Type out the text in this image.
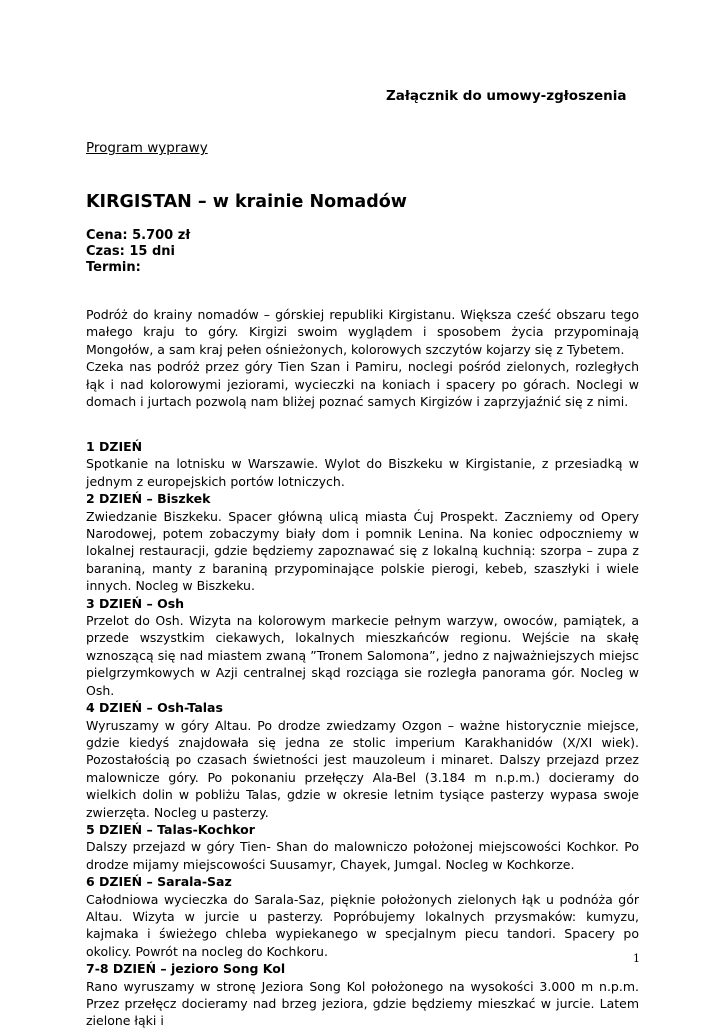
Załącznik do umowy-zgłoszenia
Program wyprawy
KIRGISTAN – w krainie Nomadów
Cena: 5.700 zł
Czas: 15 dni
Termin:

Podróż do krainy nomadów – górskiej republiki Kirgistanu. Większa cześć obszaru tego małego kraju to góry. Kirgizi swoim wyglądem i sposobem życia przypominają Mongołów, a sam kraj pełen ośnieżonych, kolorowych szczytów kojarzy się z Tybetem.

Czeka nas podróż przez góry Tien Szan i Pamiru, noclegi pośród zielonych, rozległych łąk i nad kolorowymi jeziorami, wycieczki na koniach i spacery po górach. Noclegi w domach i jurtach pozwolą nam bliżej poznać samych Kirgizów i zaprzyjaźnić się z nimi.

1 DZIEŃ

Spotkanie na lotnisku w Warszawie. Wylot do Biszkeku w Kirgistanie, z przesiadką w jednym z europejskich portów lotniczych.

2 DZIEŃ – Biszkek

Zwiedzanie Biszkeku. Spacer główną ulicą miasta Ćuj Prospekt. Zaczniemy od Opery Narodowej, potem zobaczymy biały dom i pomnik Lenina. Na koniec odpoczniemy w lokalnej restauracji, gdzie będziemy zapoznawać się z lokalną kuchnią: szorpa – zupa z baraniną, manty z baraniną przypominające polskie pierogi, kebeb, szaszłyki i wiele innych. Nocleg w Biszkeku.

3 DZIEŃ – Osh

Przelot do Osh. Wizyta na kolorowym markecie pełnym warzyw, owoców, pamiątek, a przede wszystkim ciekawych, lokalnych mieszkańców regionu. Wejście na skałę wznoszącą się nad miastem zwaną ”Tronem Salomona”, jedno z najważniejszych miejsc pielgrzymkowych w Azji centralnej skąd rozciąga sie rozległa panorama gór. Nocleg w Osh.

4 DZIEŃ – Osh-Talas

Wyruszamy w góry Altau. Po drodze zwiedzamy Ozgon – ważne historycznie miejsce, gdzie kiedyś znajdowała się jedna ze stolic imperium Karakhanidów (X/XI wiek). Pozostałością po czasach świetności jest mauzoleum i minaret. Dalszy przejazd przez malownicze góry. Po pokonaniu przełęczy Ala-Bel (3.184 m n.p.m.) docieramy do wielkich dolin w pobliżu Talas, gdzie w okresie letnim tysiące pasterzy wypasa swoje zwierzęta. Nocleg u pasterzy.

5 DZIEŃ – Talas-Kochkor

Dalszy przejazd w góry Tien- Shan do malowniczo położonej miejscowości Kochkor. Po drodze mijamy miejscowości Suusamyr, Chayek, Jumgal. Nocleg w Kochkorze.

6 DZIEŃ – Sarala-Saz

Całodniowa wycieczka do Sarala-Saz, pięknie położonych zielonych łąk u podnóża gór Altau. Wizyta w jurcie u pasterzy. Popróbujemy lokalnych przysmaków: kumyzu, kajmaka i świeżego chleba wypiekanego w specjalnym piecu tandori. Spacery po okolicy. Powrót na nocleg do Kochkoru.

7-8 DZIEŃ – jezioro Song Kol

Rano wyruszamy w stronę Jeziora Song Kol położonego na wysokości 3.000 m n.p.m. Przez przełęcz docieramy nad brzeg jeziora, gdzie będziemy mieszkać w jurcie. Latem zielone łąki i

1
